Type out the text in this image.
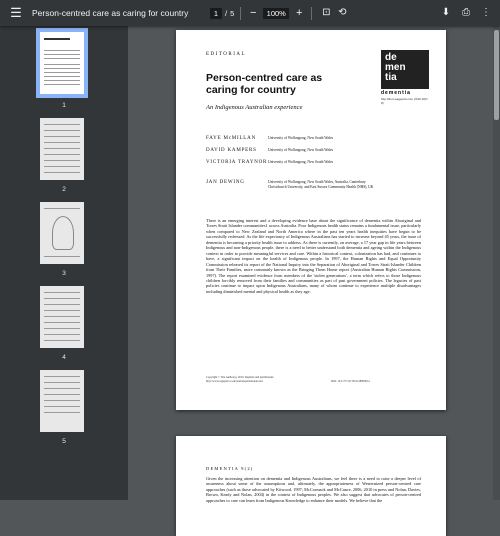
☰	Person-centred care as caring for country
1	/ 5 −
100%	+	⊡ ⟲	⬇	⎙	⋮
1
2
3
4
5
EDITORIAL
Person-centred care as caring for country
An Indigenous Australian experience
de
men
tia
dementia
http://dem.sagepub.com 2019 18(7-8)
FAYE McMILLAN	University of Wollongong, New South Wales
DAVID KAMPERS	University of Wollongong, New South Wales
VICTORIA TRAYNOR University of Wollongong, New South Wales
JAN DEWING	University of Wollongong, New South Wales, Australia, Canterbury Christchurch University, and East Sussex Community Health (NHS), UK
There is an emerging interest and a developing evidence base about the significance of dementia within Aboriginal and Torres Strait Islander communities1 across Australia. Poor Indigenous health status remains a fundamental issue, particularly when compared to New Zealand and North America where in the past ten years health inequities have begun to be successfully redressed. As the life expectancy of Indigenous Australians has started to increase beyond 45 years, the issue of dementia is becoming a priority health issue to address. As there is currently, on average, a 17 year gap in life years between Indigenous and non-Indigenous people, there is a need to better understand both dementia and ageing within the Indigenous context in order to provide meaningful services and care. Within a historical context, colonization has had, and continues to have, a significant impact on the health of Indigenous people. In 1997, the Human Rights and Equal Opportunity Commission released its report of the National Inquiry into the Separation of Aboriginal and Torres Strait Islander Children from Their Families, more commonly known as the Bringing Them Home report (Australian Human Rights Commission, 1997). The report examined evidence from members of the 'stolen generations', a term which refers to those Indigenous children forcibly removed from their families and communities as part of past government policies. The legacies of past policies continue to impact upon Indigenous Australians, many of whom continue to experience multiple disadvantages including diminished mental and physical health as they age.
Copyright © The Author(s), 2019. Reprints and permissions: http://www.sagepub.co.uk/journalspermissions.nav	DOI: 10.1177/1471301218000914
DEMENTIA 9(2)
Given the increasing attention on dementia and Indigenous Australians, we feel there is a need to raise a deeper level of awareness about some of the assumptions and, ultimately, the appropriateness of Westernized person-centred care approaches (such as those advocated by Kitwood, 1997; McCormack and McCance, 2006, 2010 in press and Nolan, Davies, Brown, Keady and Nolan, 2004) in the context of Indigenous peoples. We also suggest that advocates of person-centred approaches to care can learn from Indigenous Knowledge to enhance their models. We believe that the
